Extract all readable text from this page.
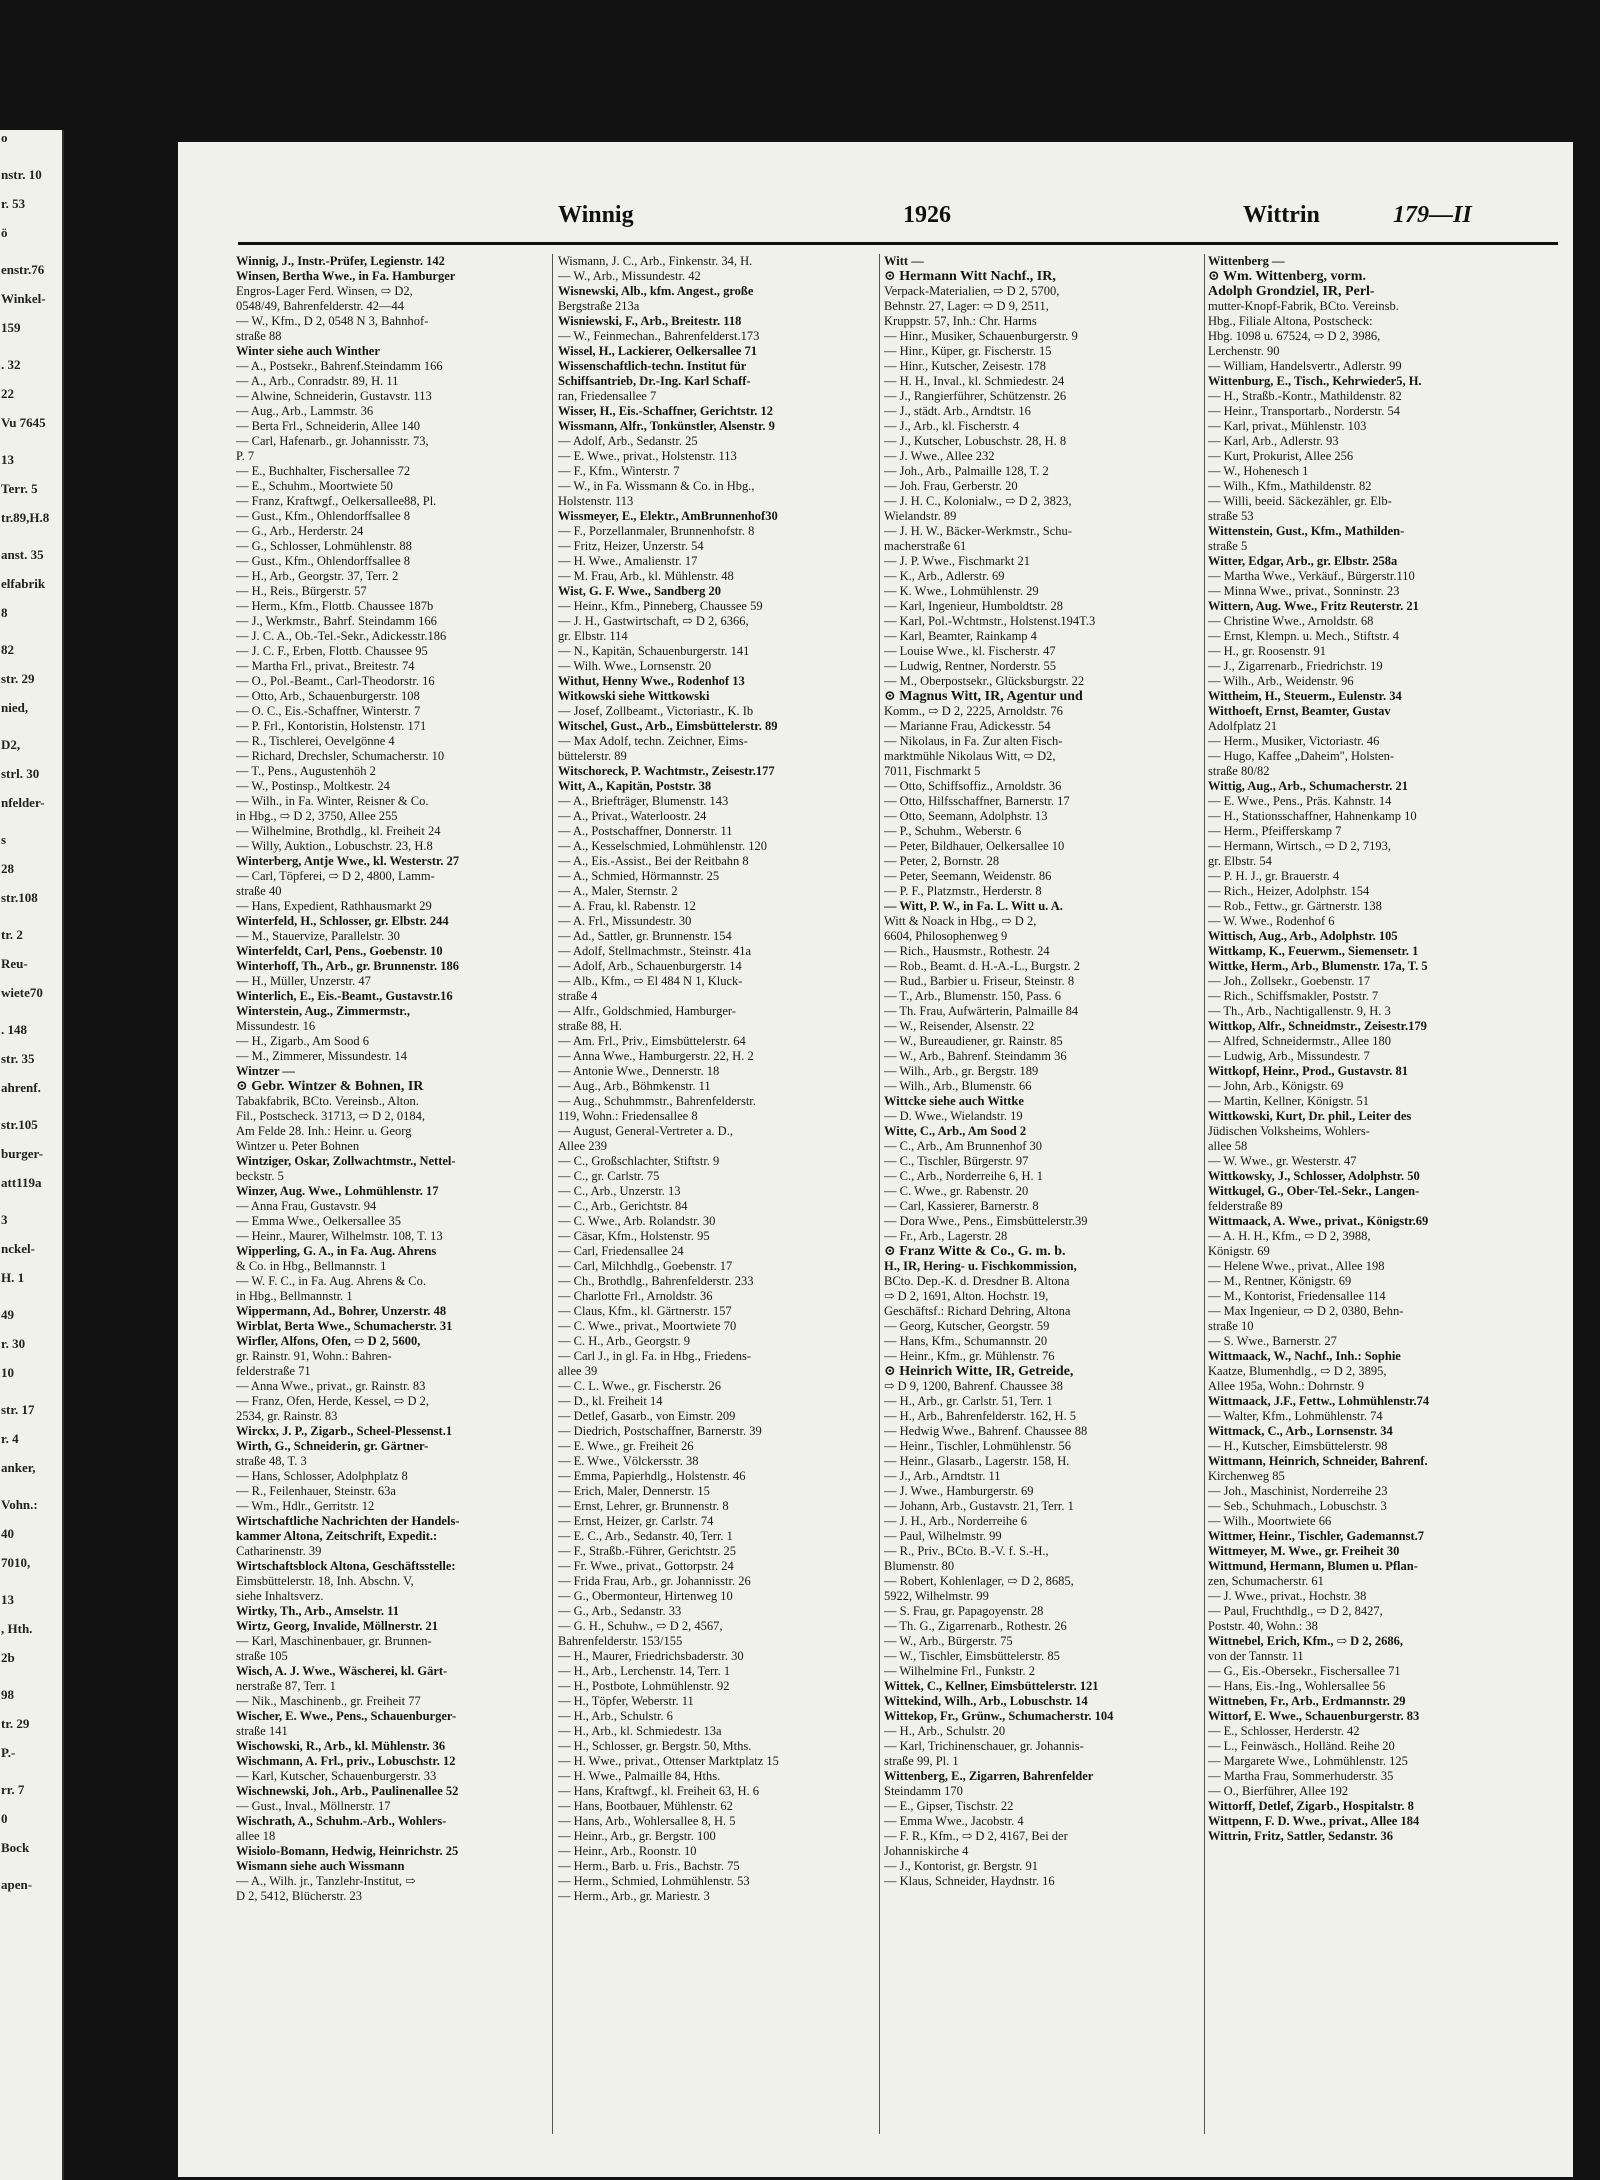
o
nstr. 10
r. 53
ö
enstr.76
Winkel-
159
. 32
22
Vu 7645
13
Terr. 5
tr.89,H.8
anst. 35
elfabrik
8
82
str. 29
nied,
D2,
strl. 30
nfelder-
s
28
str.108
tr. 2
Reu-
wiete70
. 148
str. 35
ahrenf.
str.105
burger-
att119a
3
nckel-
H. 1
49
r. 30
10
str. 17
r. 4
anker,
Vohn.:
40
7010,
13
, Hth.
2b
98
tr. 29
P.-
rr. 7
0
Bock
apen-
Winnig	1926	Wittrin	179—II
Winnig, J., Instr.-Prüfer, Legienstr. 142
Winsen, Bertha Wwe., in Fa. Hamburger
Engros-Lager Ferd. Winsen, ⇨ D2,
0548/49, Bahrenfelderstr. 42—44
— W., Kfm., D 2, 0548 N 3, Bahnhof-
straße 88
Winter siehe auch Winther
— A., Postsekr., Bahrenf.Steindamm 166
— A., Arb., Conradstr. 89, H. 11
— Alwine, Schneiderin, Gustavstr. 113
— Aug., Arb., Lammstr. 36
— Berta Frl., Schneiderin, Allee 140
— Carl, Hafenarb., gr. Johannisstr. 73,
P. 7
— E., Buchhalter, Fischersallee 72
— E., Schuhm., Moortwiete 50
— Franz, Kraftwgf., Oelkersallee88, Pl.
— Gust., Kfm., Ohlendorffsallee 8
— G., Arb., Herderstr. 24
— G., Schlosser, Lohmühlenstr. 88
— Gust., Kfm., Ohlendorffsallee 8
— H., Arb., Georgstr. 37, Terr. 2
— H., Reis., Bürgerstr. 57
— Herm., Kfm., Flottb. Chaussee 187b
— J., Werkmstr., Bahrf. Steindamm 166
— J. C. A., Ob.-Tel.-Sekr., Adickesstr.186
— J. C. F., Erben, Flottb. Chaussee 95
— Martha Frl., privat., Breitestr. 74
— O., Pol.-Beamt., Carl-Theodorstr. 16
— Otto, Arb., Schauenburgerstr. 108
— O. C., Eis.-Schaffner, Winterstr. 7
— P. Frl., Kontoristin, Holstenstr. 171
— R., Tischlerei, Oevelgönne 4
— Richard, Drechsler, Schumacherstr. 10
— T., Pens., Augustenhöh 2
— W., Postinsp., Moltkestr. 24
— Wilh., in Fa. Winter, Reisner & Co.
in Hbg., ⇨ D 2, 3750, Allee 255
— Wilhelmine, Brothdlg., kl. Freiheit 24
— Willy, Auktion., Lobuschstr. 23, H.8
Winterberg, Antje Wwe., kl. Westerstr. 27
— Carl, Töpferei, ⇨ D 2, 4800, Lamm-
straße 40
— Hans, Expedient, Rathhausmarkt 29
Winterfeld, H., Schlosser, gr. Elbstr. 244
— M., Stauervize, Parallelstr. 30
Winterfeldt, Carl, Pens., Goebenstr. 10
Winterhoff, Th., Arb., gr. Brunnenstr. 186
— H., Müller, Unzerstr. 47
Winterlich, E., Eis.-Beamt., Gustavstr.16
Winterstein, Aug., Zimmermstr.,
Missundestr. 16
— H., Zigarb., Am Sood 6
— M., Zimmerer, Missundestr. 14
Wintzer —
⊙ Gebr. Wintzer & Bohnen, IR
Tabakfabrik, BCto. Vereinsb., Alton.
Fil., Postscheck. 31713, ⇨ D 2, 0184,
Am Felde 28. Inh.: Heinr. u. Georg
Wintzer u. Peter Bohnen
Wintziger, Oskar, Zollwachtmstr., Nettel-
beckstr. 5
Winzer, Aug. Wwe., Lohmühlenstr. 17
— Anna Frau, Gustavstr. 94
— Emma Wwe., Oelkersallee 35
— Heinr., Maurer, Wilhelmstr. 108, T. 13
Wipperling, G. A., in Fa. Aug. Ahrens
& Co. in Hbg., Bellmannstr. 1
— W. F. C., in Fa. Aug. Ahrens & Co.
in Hbg., Bellmannstr. 1
Wippermann, Ad., Bohrer, Unzerstr. 48
Wirblat, Berta Wwe., Schumacherstr. 31
Wirfler, Alfons, Ofen, ⇨ D 2, 5600,
gr. Rainstr. 91, Wohn.: Bahren-
felderstraße 71
— Anna Wwe., privat., gr. Rainstr. 83
— Franz, Ofen, Herde, Kessel, ⇨ D 2,
2534, gr. Rainstr. 83
Wirckx, J. P., Zigarb., Scheel-Plessenst.1
Wirth, G., Schneiderin, gr. Gärtner-
straße 48, T. 3
— Hans, Schlosser, Adolphplatz 8
— R., Feilenhauer, Steinstr. 63a
— Wm., Hdlr., Gerritstr. 12
Wirtschaftliche Nachrichten der Handels-
kammer Altona, Zeitschrift, Expedit.:
Catharinenstr. 39
Wirtschaftsblock Altona, Geschäftsstelle:
Eimsbüttelerstr. 18, Inh. Abschn. V,
siehe Inhaltsverz.
Wirtky, Th., Arb., Amselstr. 11
Wirtz, Georg, Invalide, Möllnerstr. 21
— Karl, Maschinenbauer, gr. Brunnen-
straße 105
Wisch, A. J. Wwe., Wäscherei, kl. Gärt-
nerstraße 87, Terr. 1
— Nik., Maschinenb., gr. Freiheit 77
Wischer, E. Wwe., Pens., Schauenburger-
straße 141
Wischowski, R., Arb., kl. Mühlenstr. 36
Wischmann, A. Frl., priv., Lobuschstr. 12
— Karl, Kutscher, Schauenburgerstr. 33
Wischnewski, Joh., Arb., Paulinenallee 52
— Gust., Inval., Möllnerstr. 17
Wischrath, A., Schuhm.-Arb., Wohlers-
allee 18
Wisiolo-Bomann, Hedwig, Heinrichstr. 25
Wismann siehe auch Wissmann
— A., Wilh. jr., Tanzlehr-Institut, ⇨
D 2, 5412, Blücherstr. 23
Wismann, J. C., Arb., Finkenstr. 34, H.
— W., Arb., Missundestr. 42
Wisnewski, Alb., kfm. Angest., große
Bergstraße 213a
Wisniewski, F., Arb., Breitestr. 118
— W., Feinmechan., Bahrenfelderst.173
Wissel, H., Lackierer, Oelkersallee 71
Wissenschaftlich-techn. Institut für
Schiffsantrieb, Dr.-Ing. Karl Schaff-
ran, Friedensallee 7
Wisser, H., Eis.-Schaffner, Gerichtstr. 12
Wissmann, Alfr., Tonkünstler, Alsenstr. 9
— Adolf, Arb., Sedanstr. 25
— E. Wwe., privat., Holstenstr. 113
— F., Kfm., Winterstr. 7
— W., in Fa. Wissmann & Co. in Hbg.,
Holstenstr. 113
Wissmeyer, E., Elektr., AmBrunnenhof30
— F., Porzellanmaler, Brunnenhofstr. 8
— Fritz, Heizer, Unzerstr. 54
— H. Wwe., Amalienstr. 17
— M. Frau, Arb., kl. Mühlenstr. 48
Wist, G. F. Wwe., Sandberg 20
— Heinr., Kfm., Pinneberg, Chaussee 59
— J. H., Gastwirtschaft, ⇨ D 2, 6366,
gr. Elbstr. 114
— N., Kapitän, Schauenburgerstr. 141
— Wilh. Wwe., Lornsenstr. 20
Withut, Henny Wwe., Rodenhof 13
Witkowski siehe Wittkowski
— Josef, Zollbeamt., Victoriastr., K. Ib
Witschel, Gust., Arb., Eimsbüttelerstr. 89
— Max Adolf, techn. Zeichner, Eims-
büttelerstr. 89
Witschoreck, P. Wachtmstr., Zeisestr.177
Witt, A., Kapitän, Poststr. 38
— A., Briefträger, Blumenstr. 143
— A., Privat., Waterloostr. 24
— A., Postschaffner, Donnerstr. 11
— A., Kesselschmied, Lohmühlenstr. 120
— A., Eis.-Assist., Bei der Reitbahn 8
— A., Schmied, Hörmannstr. 25
— A., Maler, Sternstr. 2
— A. Frau, kl. Rabenstr. 12
— A. Frl., Missundestr. 30
— Ad., Sattler, gr. Brunnenstr. 154
— Adolf, Stellmachmstr., Steinstr. 41a
— Adolf, Arb., Schauenburgerstr. 14
— Alb., Kfm., ⇨ El 484 N 1, Kluck-
straße 4
— Alfr., Goldschmied, Hamburger-
straße 88, H.
— Am. Frl., Priv., Eimsbüttelerstr. 64
— Anna Wwe., Hamburgerstr. 22, H. 2
— Antonie Wwe., Dennerstr. 18
— Aug., Arb., Böhmkenstr. 11
— Aug., Schuhmmstr., Bahrenfelderstr.
119, Wohn.: Friedensallee 8
— August, General-Vertreter a. D.,
Allee 239
— C., Großschlachter, Stiftstr. 9
— C., gr. Carlstr. 75
— C., Arb., Unzerstr. 13
— C., Arb., Gerichtstr. 84
— C. Wwe., Arb. Rolandstr. 30
— Cäsar, Kfm., Holstenstr. 95
— Carl, Friedensallee 24
— Carl, Milchhdlg., Goebenstr. 17
— Ch., Brothdlg., Bahrenfelderstr. 233
— Charlotte Frl., Arnoldstr. 36
— Claus, Kfm., kl. Gärtnerstr. 157
— C. Wwe., privat., Moortwiete 70
— C. H., Arb., Georgstr. 9
— Carl J., in gl. Fa. in Hbg., Friedens-
allee 39
— C. L. Wwe., gr. Fischerstr. 26
— D., kl. Freiheit 14
— Detlef, Gasarb., von Eimstr. 209
— Diedrich, Postschaffner, Barnerstr. 39
— E. Wwe., gr. Freiheit 26
— E. Wwe., Völckersstr. 38
— Emma, Papierhdlg., Holstenstr. 46
— Erich, Maler, Dennerstr. 15
— Ernst, Lehrer, gr. Brunnenstr. 8
— Ernst, Heizer, gr. Carlstr. 74
— E. C., Arb., Sedanstr. 40, Terr. 1
— F., Straßb.-Führer, Gerichtstr. 25
— Fr. Wwe., privat., Gottorpstr. 24
— Frida Frau, Arb., gr. Johannisstr. 26
— G., Obermonteur, Hirtenweg 10
— G., Arb., Sedanstr. 33
— G. H., Schuhw., ⇨ D 2, 4567,
Bahrenfelderstr. 153/155
— H., Maurer, Friedrichsbaderstr. 30
— H., Arb., Lerchenstr. 14, Terr. 1
— H., Postbote, Lohmühlenstr. 92
— H., Töpfer, Weberstr. 11
— H., Arb., Schulstr. 6
— H., Arb., kl. Schmiedestr. 13a
— H., Schlosser, gr. Bergstr. 50, Mths.
— H. Wwe., privat., Ottenser Marktplatz 15
— H. Wwe., Palmaille 84, Hths.
— Hans, Kraftwgf., kl. Freiheit 63, H. 6
— Hans, Bootbauer, Mühlenstr. 62
— Hans, Arb., Wohlersallee 8, H. 5
— Heinr., Arb., gr. Bergstr. 100
— Heinr., Arb., Roonstr. 10
— Herm., Barb. u. Fris., Bachstr. 75
— Herm., Schmied, Lohmühlenstr. 53
— Herm., Arb., gr. Mariestr. 3
Witt —
⊙ Hermann Witt Nachf., IR,
Verpack-Materialien, ⇨ D 2, 5700,
Behnstr. 27, Lager: ⇨ D 9, 2511,
Kruppstr. 57, Inh.: Chr. Harms
— Hinr., Musiker, Schauenburgerstr. 9
— Hinr., Küper, gr. Fischerstr. 15
— Hinr., Kutscher, Zeisestr. 178
— H. H., Inval., kl. Schmiedestr. 24
— J., Rangierführer, Schützenstr. 26
— J., städt. Arb., Arndtstr. 16
— J., Arb., kl. Fischerstr. 4
— J., Kutscher, Lobuschstr. 28, H. 8
— J. Wwe., Allee 232
— Joh., Arb., Palmaille 128, T. 2
— Joh. Frau, Gerberstr. 20
— J. H. C., Kolonialw., ⇨ D 2, 3823,
Wielandstr. 89
— J. H. W., Bäcker-Werkmstr., Schu-
macherstraße 61
— J. P. Wwe., Fischmarkt 21
— K., Arb., Adlerstr. 69
— K. Wwe., Lohmühlenstr. 29
— Karl, Ingenieur, Humboldtstr. 28
— Karl, Pol.-Wchtmstr., Holstenst.194T.3
— Karl, Beamter, Rainkamp 4
— Louise Wwe., kl. Fischerstr. 47
— Ludwig, Rentner, Norderstr. 55
— M., Oberpostsekr., Glücksburgstr. 22
⊙ Magnus Witt, IR, Agentur und
Komm., ⇨ D 2, 2225, Arnoldstr. 76
— Marianne Frau, Adickesstr. 54
— Nikolaus, in Fa. Zur alten Fisch-
marktmühle Nikolaus Witt, ⇨ D2,
7011, Fischmarkt 5
— Otto, Schiffsoffiz., Arnoldstr. 36
— Otto, Hilfsschaffner, Barnerstr. 17
— Otto, Seemann, Adolphstr. 13
— P., Schuhm., Weberstr. 6
— Peter, Bildhauer, Oelkersallee 10
— Peter, 2, Bornstr. 28
— Peter, Seemann, Weidenstr. 86
— P. F., Platzmstr., Herderstr. 8
— Witt, P. W., in Fa. L. Witt u. A.
Witt & Noack in Hbg., ⇨ D 2,
6604, Philosophenweg 9
— Rich., Hausmstr., Rothestr. 24
— Rob., Beamt. d. H.-A.-L., Burgstr. 2
— Rud., Barbier u. Friseur, Steinstr. 8
— T., Arb., Blumenstr. 150, Pass. 6
— Th. Frau, Aufwärterin, Palmaille 84
— W., Reisender, Alsenstr. 22
— W., Bureaudiener, gr. Rainstr. 85
— W., Arb., Bahrenf. Steindamm 36
— Wilh., Arb., gr. Bergstr. 189
— Wilh., Arb., Blumenstr. 66
Wittcke siehe auch Wittke
— D. Wwe., Wielandstr. 19
Witte, C., Arb., Am Sood 2
— C., Arb., Am Brunnenhof 30
— C., Tischler, Bürgerstr. 97
— C., Arb., Norderreihe 6, H. 1
— C. Wwe., gr. Rabenstr. 20
— Carl, Kassierer, Barnerstr. 8
— Dora Wwe., Pens., Eimsbüttelerstr.39
— Fr., Arb., Lagerstr. 28
⊙ Franz Witte & Co., G. m. b.
H., IR, Hering- u. Fischkommission,
BCto. Dep.-K. d. Dresdner B. Altona
⇨ D 2, 1691, Alton. Hochstr. 19,
Geschäftsf.: Richard Dehring, Altona
— Georg, Kutscher, Georgstr. 59
— Hans, Kfm., Schumannstr. 20
— Heinr., Kfm., gr. Mühlenstr. 76
⊙ Heinrich Witte, IR, Getreide,
⇨ D 9, 1200, Bahrenf. Chaussee 38
— H., Arb., gr. Carlstr. 51, Terr. 1
— H., Arb., Bahrenfelderstr. 162, H. 5
— Hedwig Wwe., Bahrenf. Chaussee 88
— Heinr., Tischler, Lohmühlenstr. 56
— Heinr., Glasarb., Lagerstr. 158, H.
— J., Arb., Arndtstr. 11
— J. Wwe., Hamburgerstr. 69
— Johann, Arb., Gustavstr. 21, Terr. 1
— J. H., Arb., Norderreihe 6
— Paul, Wilhelmstr. 99
— R., Priv., BCto. B.-V. f. S.-H.,
Blumenstr. 80
— Robert, Kohlenlager, ⇨ D 2, 8685,
5922, Wilhelmstr. 99
— S. Frau, gr. Papagoyenstr. 28
— Th. G., Zigarrenarb., Rothestr. 26
— W., Arb., Bürgerstr. 75
— W., Tischler, Eimsbüttelerstr. 85
— Wilhelmine Frl., Funkstr. 2
Wittek, C., Kellner, Eimsbüttelerstr. 121
Wittekind, Wilh., Arb., Lobuschstr. 14
Wittekop, Fr., Grünw., Schumacherstr. 104
— H., Arb., Schulstr. 20
— Karl, Trichinenschauer, gr. Johannis-
straße 99, Pl. 1
Wittenberg, E., Zigarren, Bahrenfelder
Steindamm 170
— E., Gipser, Tischstr. 22
— Emma Wwe., Jacobstr. 4
— F. R., Kfm., ⇨ D 2, 4167, Bei der
Johanniskirche 4
— J., Kontorist, gr. Bergstr. 91
— Klaus, Schneider, Haydnstr. 16
Wittenberg —
⊙ Wm. Wittenberg, vorm.
Adolph Grondziel, IR, Perl-
mutter-Knopf-Fabrik, BCto. Vereinsb.
Hbg., Filiale Altona, Postscheck:
Hbg. 1098 u. 67524, ⇨ D 2, 3986,
Lerchenstr. 90
— William, Handelsvertr., Adlerstr. 99
Wittenburg, E., Tisch., Kehrwieder5, H.
— H., Straßb.-Kontr., Mathildenstr. 82
— Heinr., Transportarb., Norderstr. 54
— Karl, privat., Mühlenstr. 103
— Karl, Arb., Adlerstr. 93
— Kurt, Prokurist, Allee 256
— W., Hohenesch 1
— Wilh., Kfm., Mathildenstr. 82
— Willi, beeid. Säckezähler, gr. Elb-
straße 53
Wittenstein, Gust., Kfm., Mathilden-
straße 5
Witter, Edgar, Arb., gr. Elbstr. 258a
— Martha Wwe., Verkäuf., Bürgerstr.110
— Minna Wwe., privat., Sonninstr. 23
Wittern, Aug. Wwe., Fritz Reuterstr. 21
— Christine Wwe., Arnoldstr. 68
— Ernst, Klempn. u. Mech., Stiftstr. 4
— H., gr. Roosenstr. 91
— J., Zigarrenarb., Friedrichstr. 19
— Wilh., Arb., Weidenstr. 96
Wittheim, H., Steuerm., Eulenstr. 34
Witthoeft, Ernst, Beamter, Gustav
Adolfplatz 21
— Herm., Musiker, Victoriastr. 46
— Hugo, Kaffee „Daheim", Holsten-
straße 80/82
Wittig, Aug., Arb., Schumacherstr. 21
— E. Wwe., Pens., Präs. Kahnstr. 14
— H., Stationsschaffner, Hahnenkamp 10
— Herm., Pfeifferskamp 7
— Hermann, Wirtsch., ⇨ D 2, 7193,
gr. Elbstr. 54
— P. H. J., gr. Brauerstr. 4
— Rich., Heizer, Adolphstr. 154
— Rob., Fettw., gr. Gärtnerstr. 138
— W. Wwe., Rodenhof 6
Wittisch, Aug., Arb., Adolphstr. 105
Wittkamp, K., Feuerwm., Siemensetr. 1
Wittke, Herm., Arb., Blumenstr. 17a, T. 5
— Joh., Zollsekr., Goebenstr. 17
— Rich., Schiffsmakler, Poststr. 7
— Th., Arb., Nachtigallenstr. 9, H. 3
Wittkop, Alfr., Schneidmstr., Zeisestr.179
— Alfred, Schneidermstr., Allee 180
— Ludwig, Arb., Missundestr. 7
Wittkopf, Heinr., Prod., Gustavstr. 81
— John, Arb., Königstr. 69
— Martin, Kellner, Königstr. 51
Wittkowski, Kurt, Dr. phil., Leiter des
Jüdischen Volksheims, Wohlers-
allee 58
— W. Wwe., gr. Westerstr. 47
Wittkowsky, J., Schlosser, Adolphstr. 50
Wittkugel, G., Ober-Tel.-Sekr., Langen-
felderstraße 89
Wittmaack, A. Wwe., privat., Königstr.69
— A. H. H., Kfm., ⇨ D 2, 3988,
Königstr. 69
— Helene Wwe., privat., Allee 198
— M., Rentner, Königstr. 69
— M., Kontorist, Friedensallee 114
— Max Ingenieur, ⇨ D 2, 0380, Behn-
straße 10
— S. Wwe., Barnerstr. 27
Wittmaack, W., Nachf., Inh.: Sophie
Kaatze, Blumenhdlg., ⇨ D 2, 3895,
Allee 195a, Wohn.: Dohrnstr. 9
Wittmaack, J.F., Fettw., Lohmühlenstr.74
— Walter, Kfm., Lohmühlenstr. 74
Wittmack, C., Arb., Lornsenstr. 34
— H., Kutscher, Eimsbüttelerstr. 98
Wittmann, Heinrich, Schneider, Bahrenf.
Kirchenweg 85
— Joh., Maschinist, Norderreihe 23
— Seb., Schuhmach., Lobuschstr. 3
— Wilh., Moortwiete 66
Wittmer, Heinr., Tischler, Gademannst.7
Wittmeyer, M. Wwe., gr. Freiheit 30
Wittmund, Hermann, Blumen u. Pflan-
zen, Schumacherstr. 61
— J. Wwe., privat., Hochstr. 38
— Paul, Fruchthdlg., ⇨ D 2, 8427,
Poststr. 40, Wohn.: 38
Wittnebel, Erich, Kfm., ⇨ D 2, 2686,
von der Tannstr. 11
— G., Eis.-Obersekr., Fischersallee 71
— Hans, Eis.-Ing., Wohlersallee 56
Wittneben, Fr., Arb., Erdmannstr. 29
Wittorf, E. Wwe., Schauenburgerstr. 83
— E., Schlosser, Herderstr. 42
— L., Feinwäsch., Holländ. Reihe 20
— Margarete Wwe., Lohmühlenstr. 125
— Martha Frau, Sommerhuderstr. 35
— O., Bierführer, Allee 192
Wittorff, Detlef, Zigarb., Hospitalstr. 8
Wittpenn, F. D. Wwe., privat., Allee 184
Wittrin, Fritz, Sattler, Sedanstr. 36
